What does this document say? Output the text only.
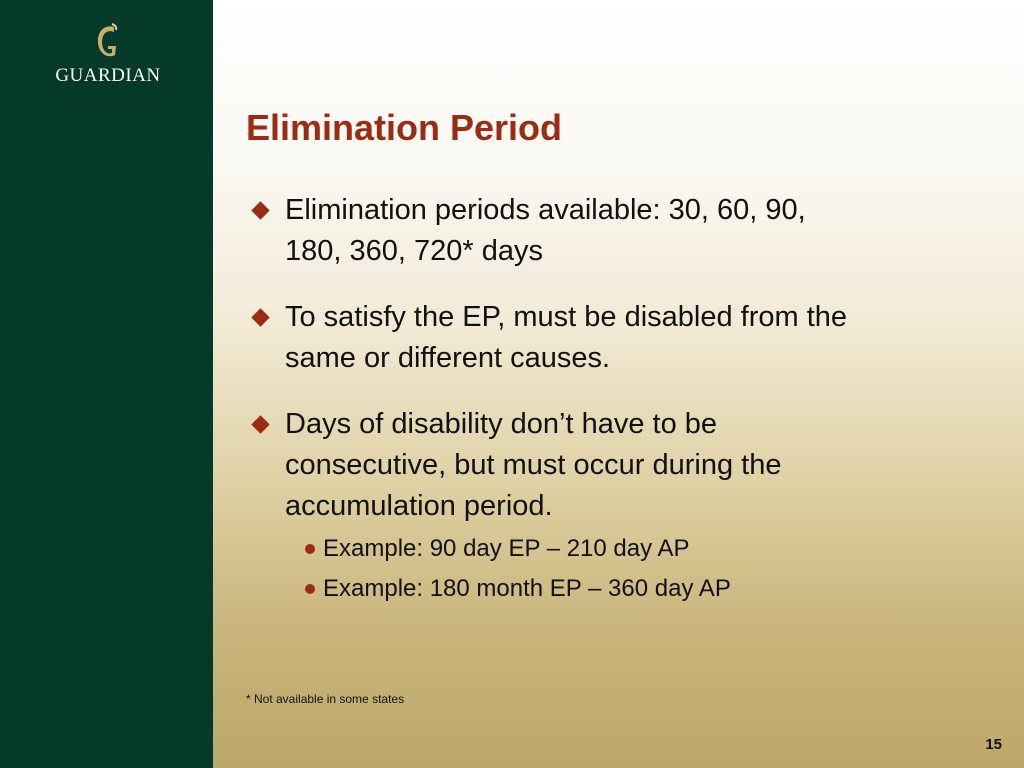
GUARDIAN
Elimination Period
Elimination periods available: 30, 60, 90,
180, 360, 720* days
To satisfy the EP, must be disabled from the
same or different causes.
Days of disability don’t have to be
consecutive, but must occur during the
accumulation period.
Example: 90 day EP – 210 day AP
Example: 180 month EP – 360 day AP
* Not available in some states
15
